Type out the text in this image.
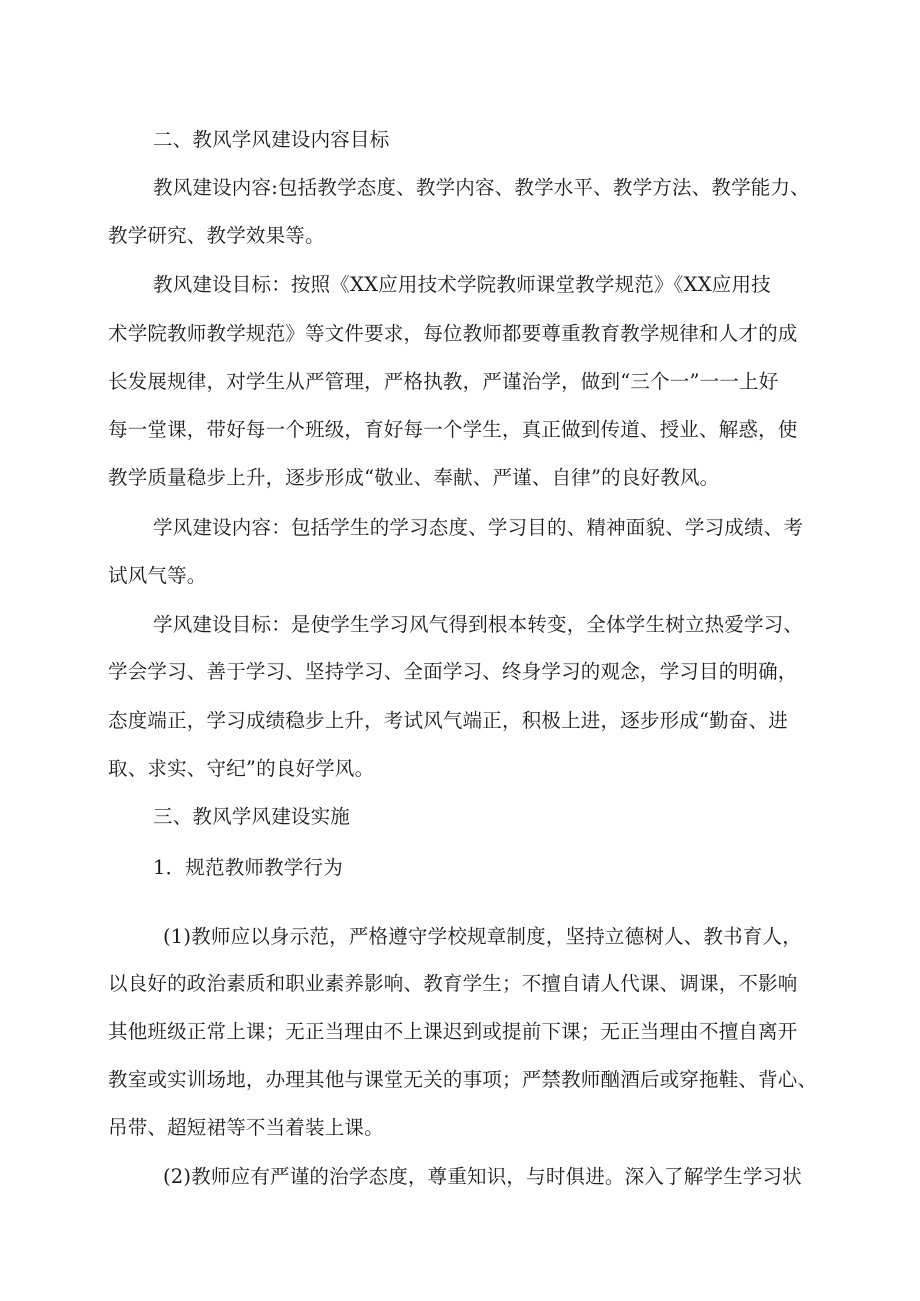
二、教风学风建设内容目标
教风建设内容:包括教学态度、教学内容、教学水平、教学方法、教学能力、
教学研究、教学效果等。
教风建设目标：按照《XX应用技术学院教师课堂教学规范》《XX应用技
术学院教师教学规范》等文件要求，每位教师都要尊重教育教学规律和人才的成
长发展规律，对学生从严管理，严格执教，严谨治学，做到“三个一”一一上好
每一堂课，带好每一个班级，育好每一个学生，真正做到传道、授业、解惑，使
教学质量稳步上升，逐步形成“敬业、奉献、严谨、自律”的良好教风。
学风建设内容：包括学生的学习态度、学习目的、精神面貌、学习成绩、考
试风气等。
学风建设目标：是使学生学习风气得到根本转变，全体学生树立热爱学习、
学会学习、善于学习、坚持学习、全面学习、终身学习的观念，学习目的明确，
态度端正，学习成绩稳步上升，考试风气端正，积极上进，逐步形成“勤奋、进
取、求实、守纪”的良好学风。
三、教风学风建设实施
1．规范教师教学行为
(1)教师应以身示范，严格遵守学校规章制度，坚持立德树人、教书育人，
以良好的政治素质和职业素养影响、教育学生；不擅自请人代课、调课，不影响
其他班级正常上课；无正当理由不上课迟到或提前下课；无正当理由不擅自离开
教室或实训场地，办理其他与课堂无关的事项；严禁教师酗酒后或穿拖鞋、背心、
吊带、超短裙等不当着装上课。
(2)教师应有严谨的治学态度，尊重知识，与时俱进。深入了解学生学习状
